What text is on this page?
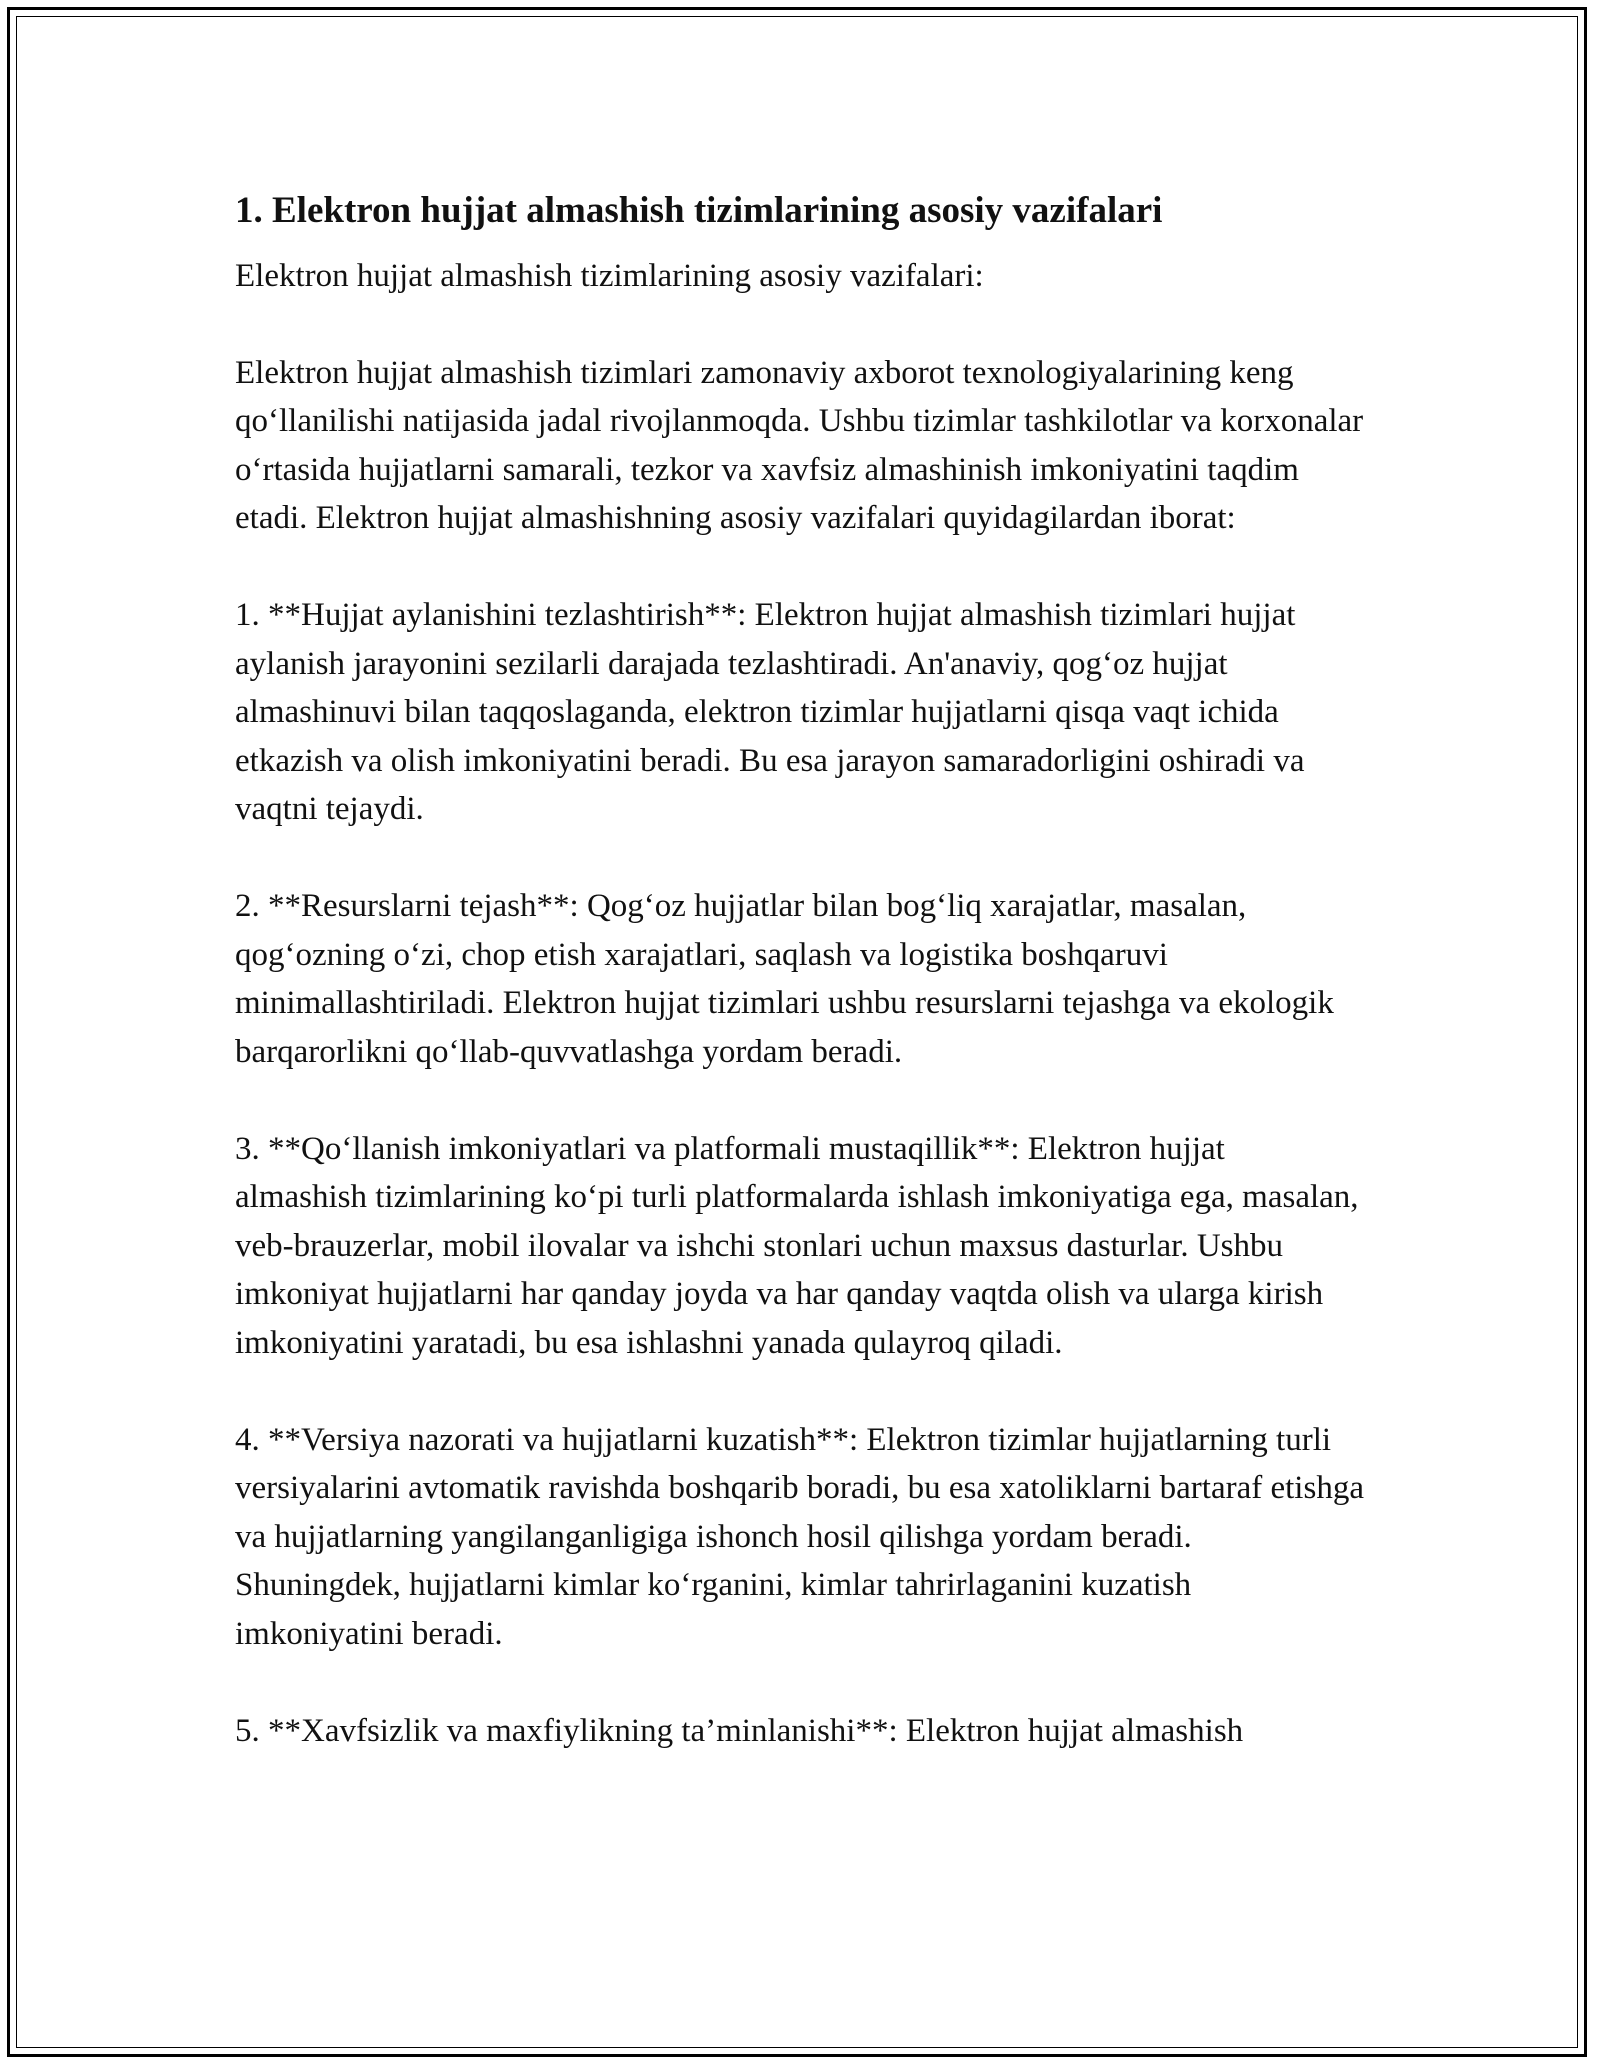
1. Elektron hujjat almashish tizimlarining asosiy vazifalari

Elektron hujjat almashish tizimlarining asosiy vazifalari:

Elektron hujjat almashish tizimlari zamonaviy axborot texnologiyalarining keng qo‘llanilishi natijasida jadal rivojlanmoqda. Ushbu tizimlar tashkilotlar va korxonalar o‘rtasida hujjatlarni samarali, tezkor va xavfsiz almashinish imkoniyatini taqdim etadi. Elektron hujjat almashishning asosiy vazifalari quyidagilardan iborat:

1. **Hujjat aylanishini tezlashtirish**: Elektron hujjat almashish tizimlari hujjat aylanish jarayonini sezilarli darajada tezlashtiradi. An'anaviy, qog‘oz hujjat almashinuvi bilan taqqoslaganda, elektron tizimlar hujjatlarni qisqa vaqt ichida etkazish va olish imkoniyatini beradi. Bu esa jarayon samaradorligini oshiradi va vaqtni tejaydi.

2. **Resurslarni tejash**: Qog‘oz hujjatlar bilan bog‘liq xarajatlar, masalan, qog‘ozning o‘zi, chop etish xarajatlari, saqlash va logistika boshqaruvi minimallashtiriladi. Elektron hujjat tizimlari ushbu resurslarni tejashga va ekologik barqarorlikni qo‘llab-quvvatlashga yordam beradi.

3. **Qo‘llanish imkoniyatlari va platformali mustaqillik**: Elektron hujjat almashish tizimlarining ko‘pi turli platformalarda ishlash imkoniyatiga ega, masalan, veb-brauzerlar, mobil ilovalar va ishchi stonlari uchun maxsus dasturlar. Ushbu imkoniyat hujjatlarni har qanday joyda va har qanday vaqtda olish va ularga kirish imkoniyatini yaratadi, bu esa ishlashni yanada qulayroq qiladi.

4. **Versiya nazorati va hujjatlarni kuzatish**: Elektron tizimlar hujjatlarning turli versiyalarini avtomatik ravishda boshqarib boradi, bu esa xatoliklarni bartaraf etishga va hujjatlarning yangilanganligiga ishonch hosil qilishga yordam beradi. Shuningdek, hujjatlarni kimlar ko‘rganini, kimlar tahrirlaganini kuzatish imkoniyatini beradi.

5. **Xavfsizlik va maxfiylikning ta’minlanishi**: Elektron hujjat almashish
